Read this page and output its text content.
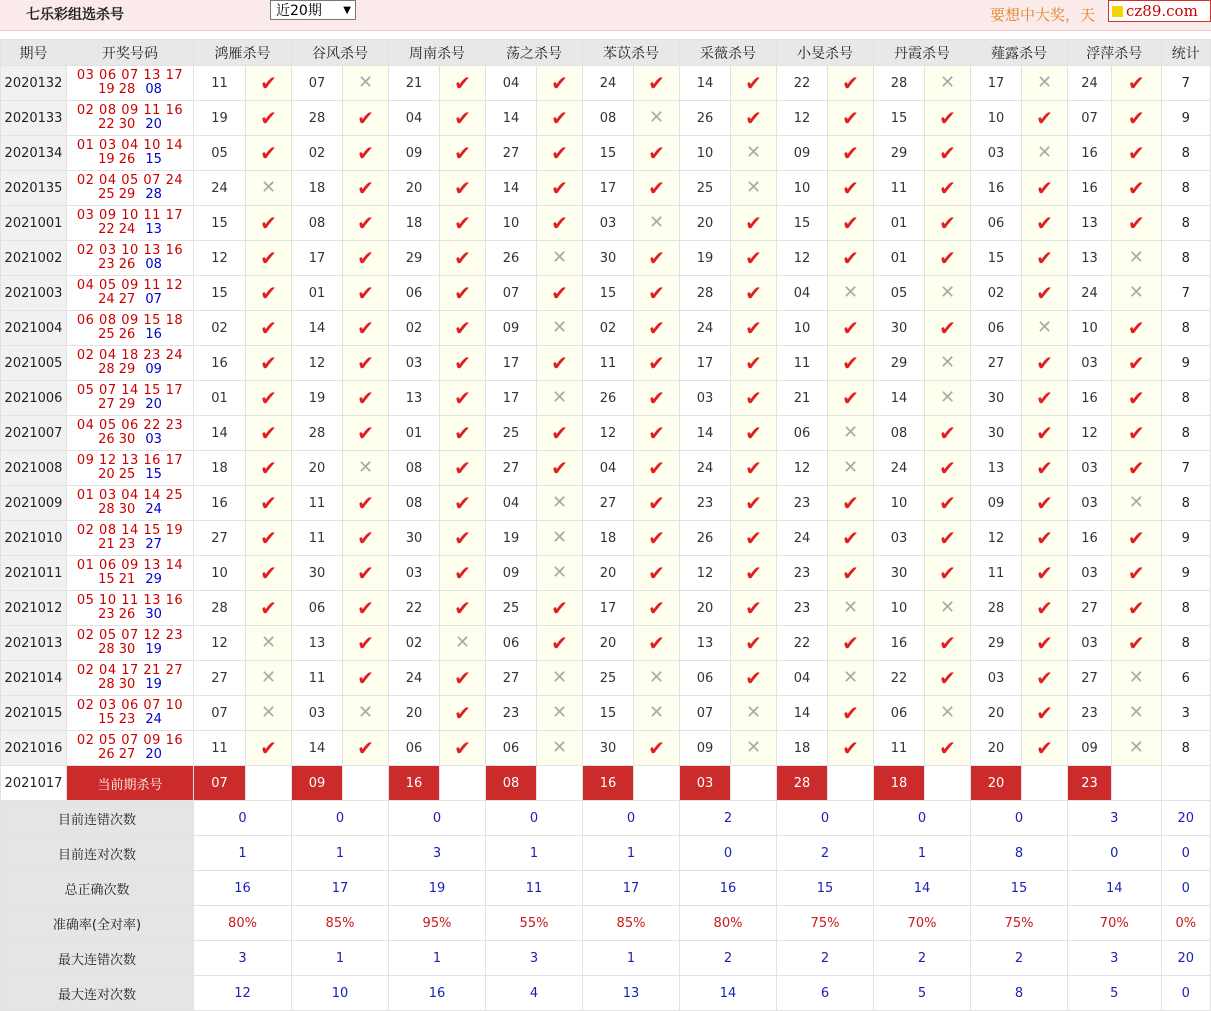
七乐彩组选杀号	近20期 ▼	要想中大奖，天 cz89.com
期号	开奖号码	鸿雁杀号		谷风杀号		周南杀号		荡之杀号		苯苡杀号		采薇杀号		小旻杀号		丹霞杀号		薤露杀号		浮萍杀号		统计
2020132	03 06 07 13 17
19 28 08	11	✔	07	✕	21	✔	04	✔	24	✔	14	✔	22	✔	28	✕	17	✕	24	✔	7
2020133	02 08 09 11 16
22 30 20	19	✔	28	✔	04	✔	14	✔	08	✕	26	✔	12	✔	15	✔	10	✔	07	✔	9
2020134	01 03 04 10 14
19 26 15	05	✔	02	✔	09	✔	27	✔	15	✔	10	✕	09	✔	29	✔	03	✕	16	✔	8
2020135	02 04 05 07 24
25 29 28	24	✕	18	✔	20	✔	14	✔	17	✔	25	✕	10	✔	11	✔	16	✔	16	✔	8
2021001	03 09 10 11 17
22 24 13	15	✔	08	✔	18	✔	10	✔	03	✕	20	✔	15	✔	01	✔	06	✔	13	✔	8
2021002	02 03 10 13 16
23 26 08	12	✔	17	✔	29	✔	26	✕	30	✔	19	✔	12	✔	01	✔	15	✔	13	✕	8
2021003	04 05 09 11 12
24 27 07	15	✔	01	✔	06	✔	07	✔	15	✔	28	✔	04	✕	05	✕	02	✔	24	✕	7
2021004	06 08 09 15 18
25 26 16	02	✔	14	✔	02	✔	09	✕	02	✔	24	✔	10	✔	30	✔	06	✕	10	✔	8
2021005	02 04 18 23 24
28 29 09	16	✔	12	✔	03	✔	17	✔	11	✔	17	✔	11	✔	29	✕	27	✔	03	✔	9
2021006	05 07 14 15 17
27 29 20	01	✔	19	✔	13	✔	17	✕	26	✔	03	✔	21	✔	14	✕	30	✔	16	✔	8
2021007	04 05 06 22 23
26 30 03	14	✔	28	✔	01	✔	25	✔	12	✔	14	✔	06	✕	08	✔	30	✔	12	✔	8
2021008	09 12 13 16 17
20 25 15	18	✔	20	✕	08	✔	27	✔	04	✔	24	✔	12	✕	24	✔	13	✔	03	✔	7
2021009	01 03 04 14 25
28 30 24	16	✔	11	✔	08	✔	04	✕	27	✔	23	✔	23	✔	10	✔	09	✔	03	✕	8
2021010	02 08 14 15 19
21 23 27	27	✔	11	✔	30	✔	19	✕	18	✔	26	✔	24	✔	03	✔	12	✔	16	✔	9
2021011	01 06 09 13 14
15 21 29	10	✔	30	✔	03	✔	09	✕	20	✔	12	✔	23	✔	30	✔	11	✔	03	✔	9
2021012	05 10 11 13 16
23 26 30	28	✔	06	✔	22	✔	25	✔	17	✔	20	✔	23	✕	10	✕	28	✔	27	✔	8
2021013	02 05 07 12 23
28 30 19	12	✕	13	✔	02	✕	06	✔	20	✔	13	✔	22	✔	16	✔	29	✔	03	✔	8
2021014	02 04 17 21 27
28 30 19	27	✕	11	✔	24	✔	27	✕	25	✕	06	✔	04	✕	22	✔	03	✔	27	✕	6
2021015	02 03 06 07 10
15 23 24	07	✕	03	✕	20	✔	23	✕	15	✕	07	✕	14	✔	06	✕	20	✔	23	✕	3
2021016	02 05 07 09 16
26 27 20	11	✔	14	✔	06	✔	06	✕	30	✔	09	✕	18	✔	11	✔	20	✔	09	✕	8
2021017	当前期杀号	07		09		16		08		16		03		28		18		20		23		
目前连错次数		0		0		0		0		0		2		0		0		0		3		20
目前连对次数		1		1		3		1		1		0		2		1		8		0		0
总正确次数		16		17		19		11		17		16		15		14		15		14		0
准确率(全对率)		80%		85%		95%		55%		85%		80%		75%		70%		75%		70%		0%
最大连错次数		3		1		1		3		1		2		2		2		2		3		20
最大连对次数		12		10		16		4		13		14		6		5		8		5		0
